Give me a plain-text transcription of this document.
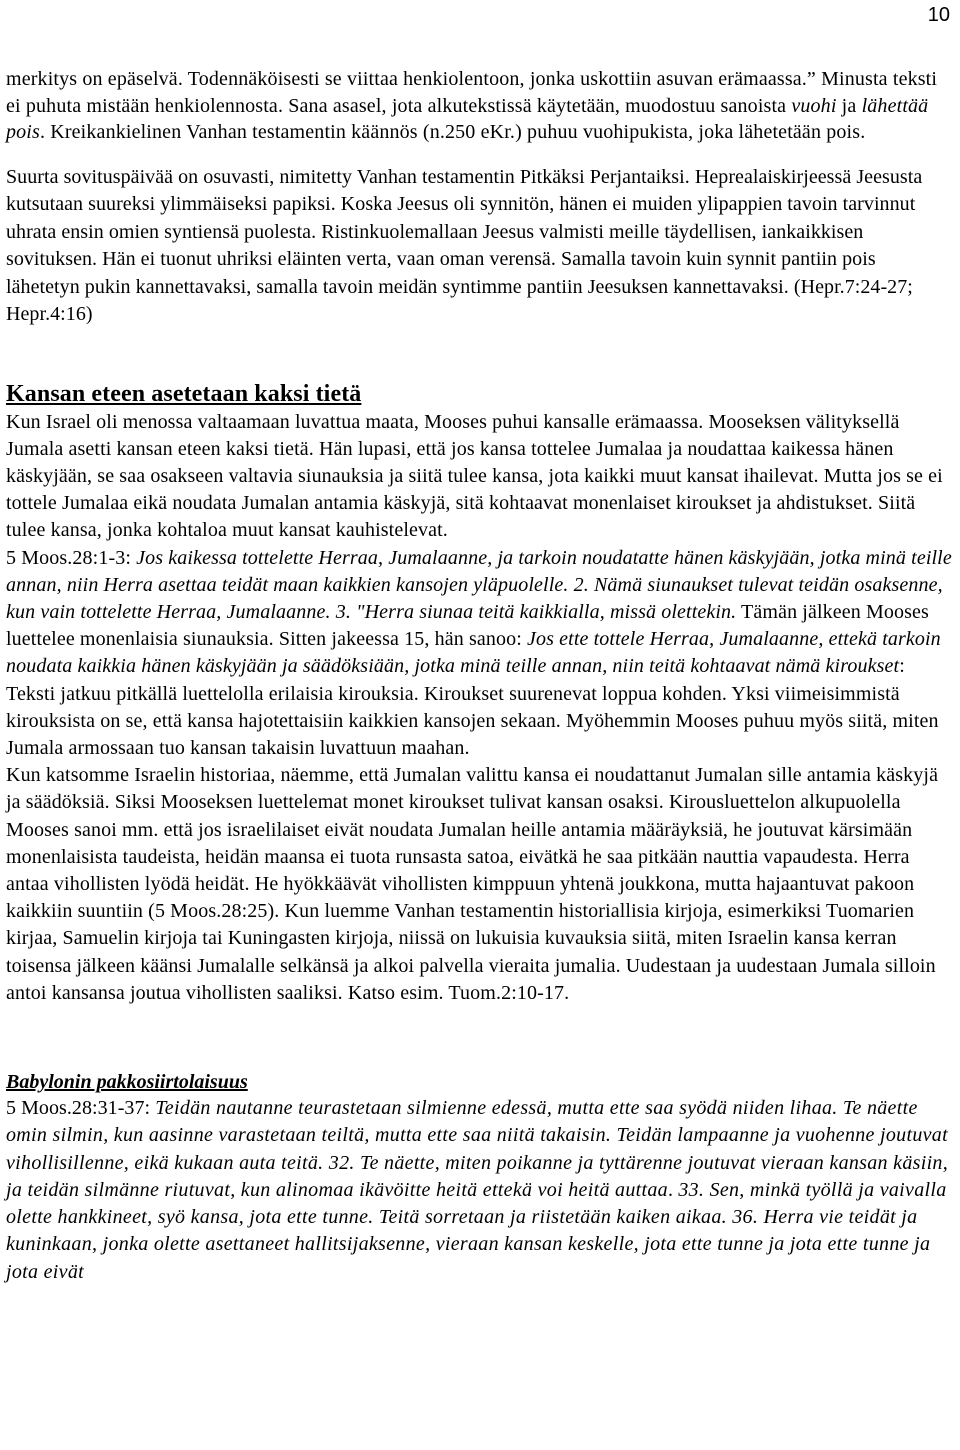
10

merkitys on epäselvä. Todennäköisesti se viittaa henkiolentoon, jonka uskottiin asuvan erämaassa.” Minusta teksti ei puhuta mistään henkiolennosta. Sana asasel, jota alkutekstissä käytetään, muodostuu sanoista vuohi ja lähettää pois. Kreikankielinen Vanhan testamentin käännös (n.250 eKr.) puhuu vuohipukista, joka lähetetään pois.

Suurta sovituspäivää on osuvasti, nimitetty Vanhan testamentin Pitkäksi Perjantaiksi. Heprealaiskirjeessä Jeesusta kutsutaan suureksi ylimmäiseksi papiksi. Koska Jeesus oli synnitön, hänen ei muiden ylipappien tavoin tarvinnut uhrata ensin omien syntiensä puolesta. Ristinkuolemallaan Jeesus valmisti meille täydellisen, iankaikkisen sovituksen. Hän ei tuonut uhriksi eläinten verta, vaan oman verensä. Samalla tavoin kuin synnit pantiin pois lähetetyn pukin kannettavaksi, samalla tavoin meidän syntimme pantiin Jeesuksen kannettavaksi. (Hepr.7:24-27; Hepr.4:16)

Kansan eteen asetetaan kaksi tietä

Kun Israel oli menossa valtaamaan luvattua maata, Mooses puhui kansalle erämaassa. Mooseksen välityksellä Jumala asetti kansan eteen kaksi tietä. Hän lupasi, että jos kansa tottelee Jumalaa ja noudattaa kaikessa hänen käskyjään, se saa osakseen valtavia siunauksia ja siitä tulee kansa, jota kaikki muut kansat ihailevat. Mutta jos se ei tottele Jumalaa eikä noudata Jumalan antamia käskyjä, sitä kohtaavat monenlaiset kiroukset ja ahdistukset. Siitä tulee kansa, jonka kohtaloa muut kansat kauhistelevat.

5 Moos.28:1-3: Jos kaikessa tottelette Herraa, Jumalaanne, ja tarkoin noudatatte hänen käskyjään, jotka minä teille annan, niin Herra asettaa teidät maan kaikkien kansojen yläpuolelle. 2. Nämä siunaukset tulevat teidän osaksenne, kun vain tottelette Herraa, Jumalaanne. 3. "Herra siunaa teitä kaikkialla, missä olettekin. Tämän jälkeen Mooses luettelee monenlaisia siunauksia. Sitten jakeessa 15, hän sanoo: Jos ette tottele Herraa, Jumalaanne, ettekä tarkoin noudata kaikkia hänen käskyjään ja säädöksiään, jotka minä teille annan, niin teitä kohtaavat nämä kiroukset: Teksti jatkuu pitkällä luettelolla erilaisia kirouksia. Kiroukset suurenevat loppua kohden. Yksi viimeisimmistä kirouksista on se, että kansa hajotettaisiin kaikkien kansojen sekaan. Myöhemmin Mooses puhuu myös siitä, miten Jumala armossaan tuo kansan takaisin luvattuun maahan.
Kun katsomme Israelin historiaa, näemme, että Jumalan valittu kansa ei noudattanut Jumalan sille antamia käskyjä ja säädöksiä. Siksi Mooseksen luettelemat monet kiroukset tulivat kansan osaksi. Kirousluettelon alkupuolella Mooses sanoi mm. että jos israelilaiset eivät noudata Jumalan heille antamia määräyksiä, he joutuvat kärsimään monenlaisista taudeista, heidän maansa ei tuota runsasta satoa, eivätkä he saa pitkään nauttia vapaudesta. Herra antaa vihollisten lyödä heidät. He hyökkäävät vihollisten kimppuun yhtenä joukkona, mutta hajaantuvat pakoon kaikkiin suuntiin (5 Moos.28:25). Kun luemme Vanhan testamentin historiallisia kirjoja, esimerkiksi Tuomarien kirjaa, Samuelin kirjoja tai Kuningasten kirjoja, niissä on lukuisia kuvauksia siitä, miten Israelin kansa kerran toisensa jälkeen käänsi Jumalalle selkänsä ja alkoi palvella vieraita jumalia. Uudestaan ja uudestaan Jumala silloin antoi kansansa joutua vihollisten saaliksi. Katso esim. Tuom.2:10-17.

Babylonin pakkosiirtolaisuus

5 Moos.28:31-37: Teidän nautanne teurastetaan silmienne edessä, mutta ette saa syödä niiden lihaa. Te näette omin silmin, kun aasinne varastetaan teiltä, mutta ette saa niitä takaisin. Teidän lampaanne ja vuohenne joutuvat vihollisillenne, eikä kukaan auta teitä. 32. Te näette, miten poikanne ja tyttärenne joutuvat vieraan kansan käsiin, ja teidän silmänne riutuvat, kun alinomaa ikävöitte heitä ettekä voi heitä auttaa. 33. Sen, minkä työllä ja vaivalla olette hankkineet, syö kansa, jota ette tunne. Teitä sorretaan ja riistetään kaiken aikaa. 36. Herra vie teidät ja kuninkaan, jonka olette asettaneet hallitsijaksenne, vieraan kansan keskelle, jota ette tunne ja jota ette tunne ja jota eivät
